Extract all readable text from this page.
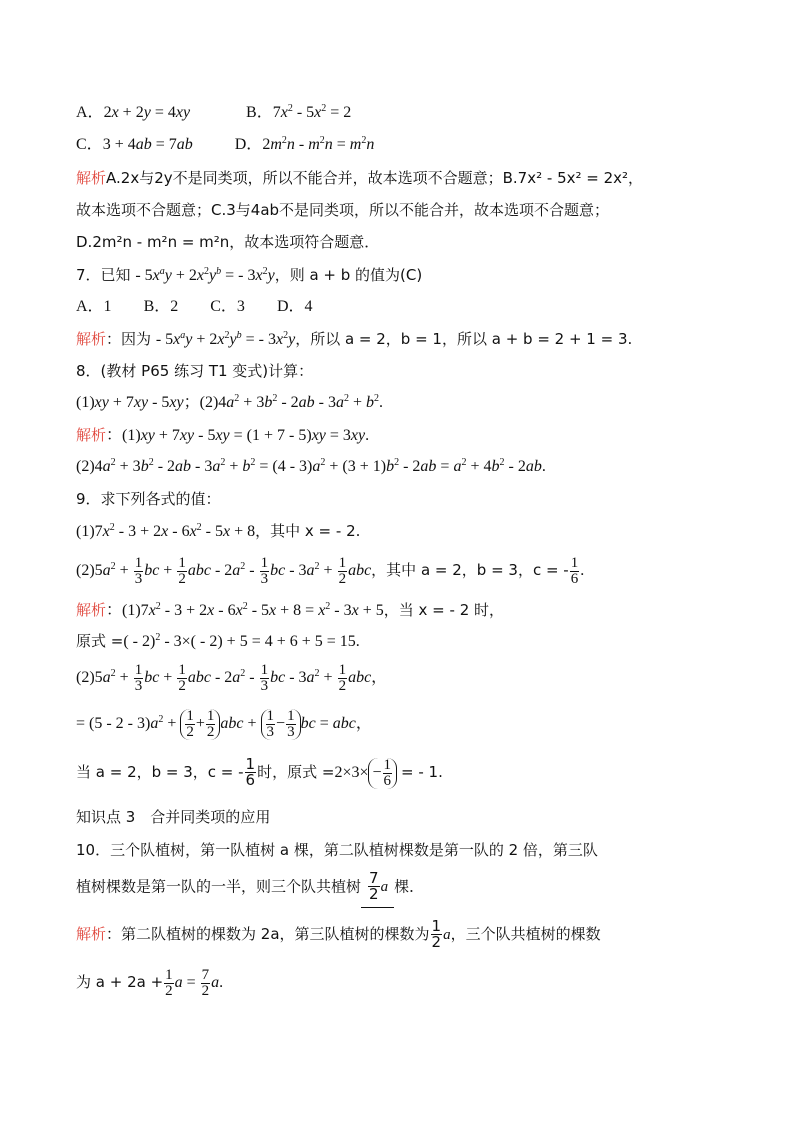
A．2x + 2y = 4xy	B．$7x^2 - 5x^2 = 2$
C．3 + 4ab = 7ab	D．$2m^2n - m^2n = m^2n$
解析A.2x与2y不是同类项，所以不能合并，故本选项不合题意；B.7x² - 5x² = 2x²，
故本选项不合题意；C.3与4ab不是同类项，所以不能合并，故本选项不合题意；
D.2m²n - m²n = m²n，故本选项符合题意．
7．已知 - $5x^ay + 2x^2y^b$ = - $3x^2y$，则 a + b 的值为(C)
A．1 B．2 C．3 D．4
解析：因为 - $5x^ay + 2x^2y^b$ = - $3x^2y$，所以 a = 2，b = 1，所以 a + b = 2 + 1 = 3.
8．(教材 P65 练习 T1 变式)计算：
(1)xy + 7xy - 5xy；$(2)4a^2 + 3b^2 - 2ab - 3a^2 + b^2$.
解析：(1)xy + 7xy - 5xy = (1 + 7 - 5)xy = 3xy.
$(2)4a^2 + 3b^2 - 2ab - 3a^2 + b^2 = (4 - 3)a^2 + (3 + 1)b^2 - 2ab = a^2 + 4b^2 - 2ab$.
9．求下列各式的值：
$(1)7x^2 - 3 + 2x - 6x^2 - 5x + 8$，其中 x = - 2.
$(2)5a^2 + \frac{1}{3}$ bc + $\frac{1}{2}$ abc - $2a^2 - \frac{1}{3}$ bc - $3a^2 + \frac{1}{2}$ abc，其中 a = 2，b = 3，c = - $\frac{1}{6}$ .
解析：$(1)7x^2 - 3 + 2x - 6x^2 - 5x + 8 = x^2 - 3x + 5$，当 x = - 2 时，
原式 =( - 2)$^2$ - 3×( - 2) + 5 = 4 + 6 + 5 = 15.
$(2)5a^2 + \frac{1}{3}$ bc + $\frac{1}{2}$ abc - $2a^2 - \frac{1}{3}$ bc - $3a^2 + \frac{1}{2}$ abc，
= $(5 - 2 - 3)a^2 + \frac{1}{2} + \frac{1}{2}$ abc + $\frac{1}{3} - \frac{1}{3}$ bc = abc，
当 a = 2，b = 3，c = - $\frac{1}{6}$ 时，原式 $=2\times 3\times - \frac{1}{6}$ = - 1.
知识点 3　合并同类项的应用
10．三个队植树，第一队植树 a 棵，第二队植树棵数是第一队的 2 倍，第三队
植树棵数是第一队的一半，则三个队共植树 $\frac{7}{2}$ a 棵．
解析：第二队植树的棵数为 2a，第三队植树的棵数为 $\frac{1}{2}$ a，三个队共植树的棵数
为 $a + 2a + \frac{1}{2}$ $a = \frac{7}{2} a$.
